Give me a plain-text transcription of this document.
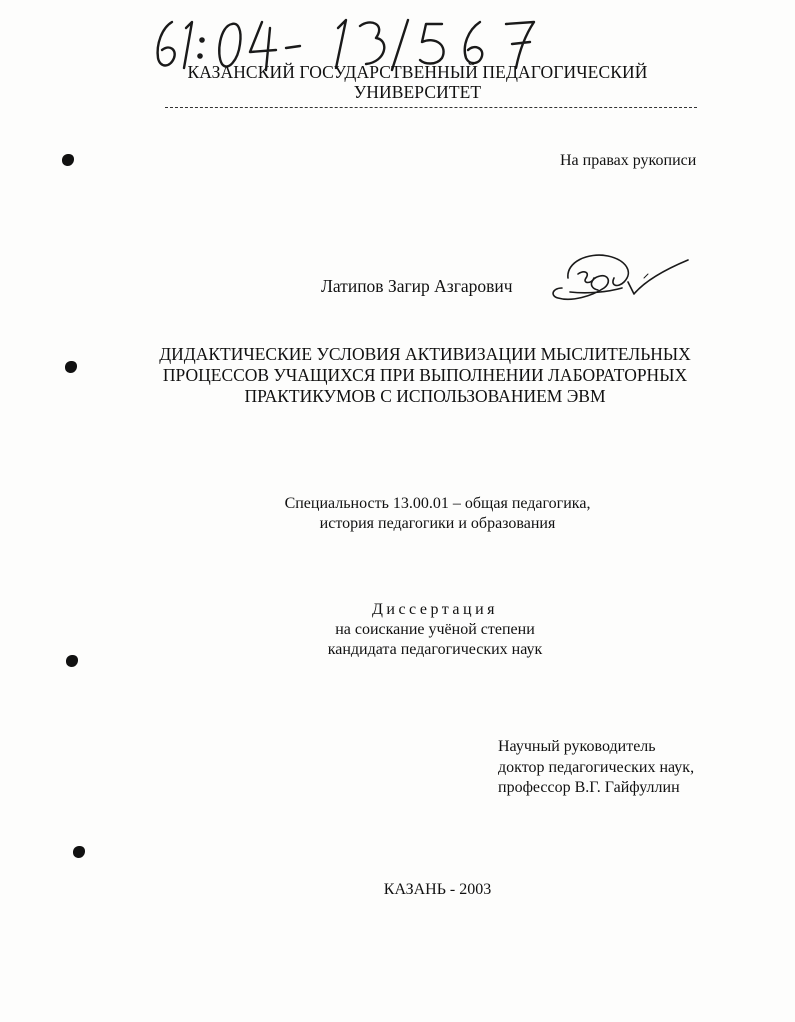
КАЗАНСКИЙ ГОСУДАРСТВЕННЫЙ ПЕДАГОГИЧЕСКИЙ
УНИВЕРСИТЕТ
На правах рукописи
Латипов Загир Азгарович
ДИДАКТИЧЕСКИЕ УСЛОВИЯ АКТИВИЗАЦИИ МЫСЛИТЕЛЬНЫХ
ПРОЦЕССОВ УЧАЩИХСЯ ПРИ ВЫПОЛНЕНИИ ЛАБОРАТОРНЫХ
ПРАКТИКУМОВ С ИСПОЛЬЗОВАНИЕМ ЭВМ
Специальность 13.00.01 – общая педагогика,
история педагогики и образования
Диссертация
на соискание учёной степени
кандидата педагогических наук
Научный руководитель
доктор педагогических наук,
профессор В.Г. Гайфуллин
КАЗАНЬ - 2003
